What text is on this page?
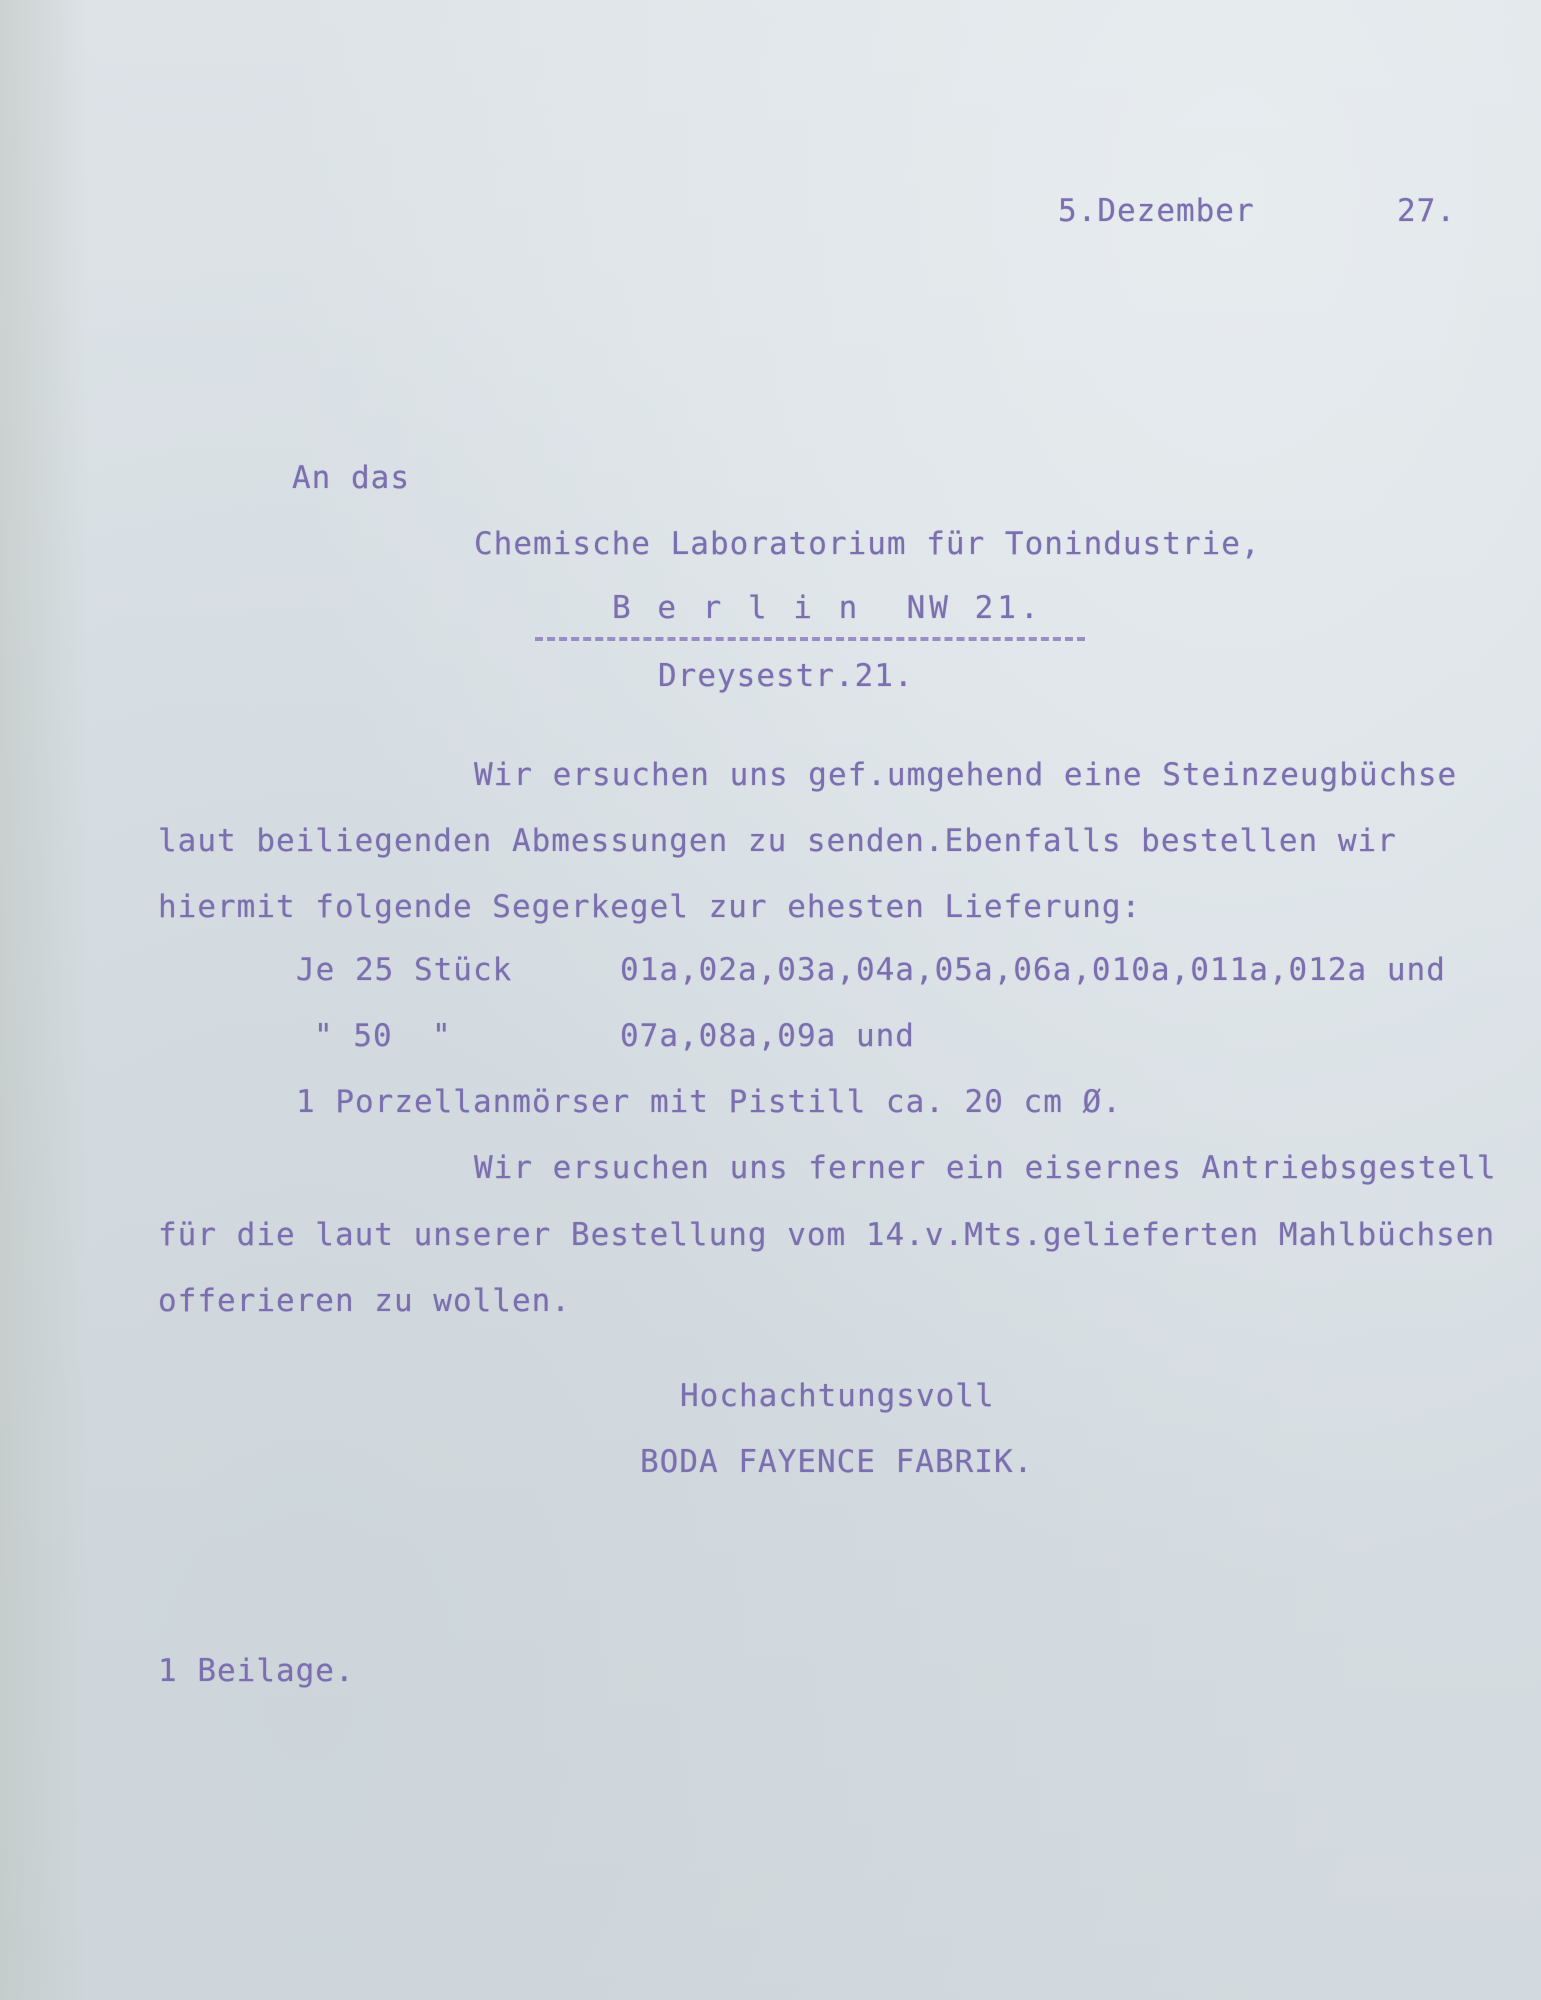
5.Dezember	27.

An das

Chemische Laboratorium für Tonindustrie,

B e r l i n  NW 21.

Dreysestr.21.

Wir ersuchen uns gef.umgehend eine Steinzeugbüchse

laut beiliegenden Abmessungen zu senden.Ebenfalls bestellen wir

hiermit folgende Segerkegel zur ehesten Lieferung:

Je 25 Stück	01a,02a,03a,04a,05a,06a,010a,011a,012a und

" 50  "	07a,08a,09a und

1 Porzellanmörser mit Pistill ca. 20 cm Ø.

Wir ersuchen uns ferner ein eisernes Antriebsgestell

für die laut unserer Bestellung vom 14.v.Mts.gelieferten Mahlbüchsen

offerieren zu wollen.

Hochachtungsvoll

BODA FAYENCE FABRIK.

1 Beilage.
